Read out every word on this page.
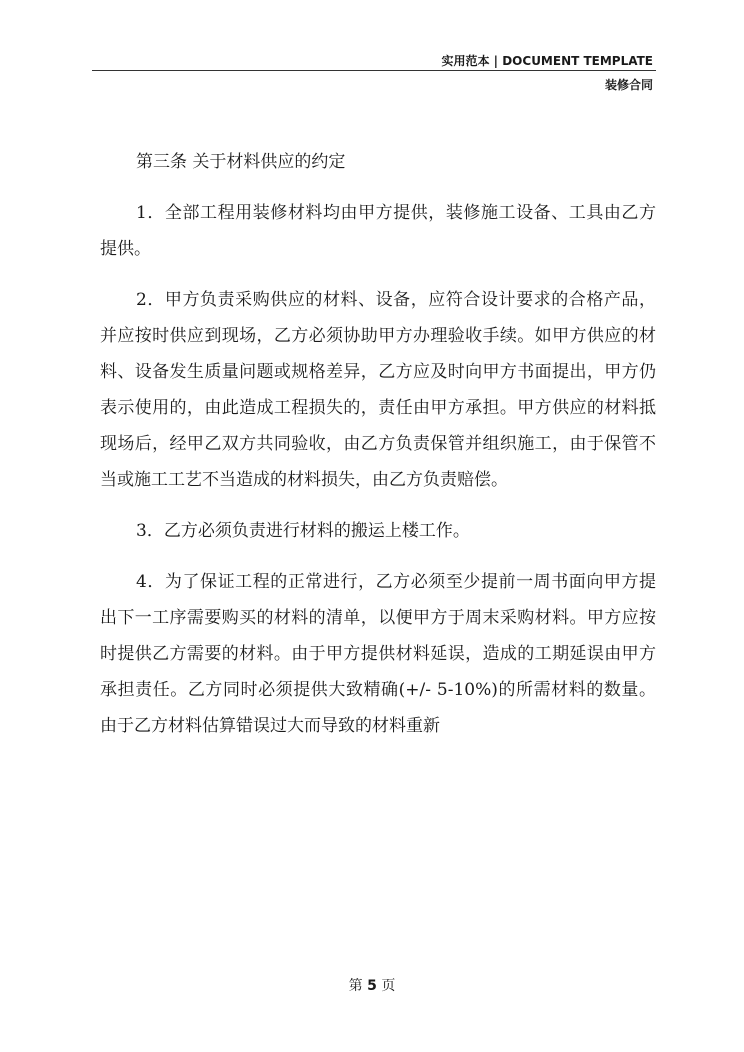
实用范本 | DOCUMENT TEMPLATE
装修合同

第三条 关于材料供应的约定

1．全部工程用装修材料均由甲方提供，装修施工设备、工具由乙方提供。

2．甲方负责采购供应的材料、设备，应符合设计要求的合格产品，并应按时供应到现场，乙方必须协助甲方办理验收手续。如甲方供应的材料、设备发生质量问题或规格差异，乙方应及时向甲方书面提出，甲方仍表示使用的，由此造成工程损失的，责任由甲方承担。甲方供应的材料抵现场后，经甲乙双方共同验收，由乙方负责保管并组织施工，由于保管不当或施工工艺不当造成的材料损失，由乙方负责赔偿。

3．乙方必须负责进行材料的搬运上楼工作。

4．为了保证工程的正常进行，乙方必须至少提前一周书面向甲方提出下一工序需要购买的材料的清单，以便甲方于周末采购材料。甲方应按时提供乙方需要的材料。由于甲方提供材料延误，造成的工期延误由甲方承担责任。乙方同时必须提供大致精确(+/- 5-10%)的所需材料的数量。由于乙方材料估算错误过大而导致的材料重新

第 5 页
